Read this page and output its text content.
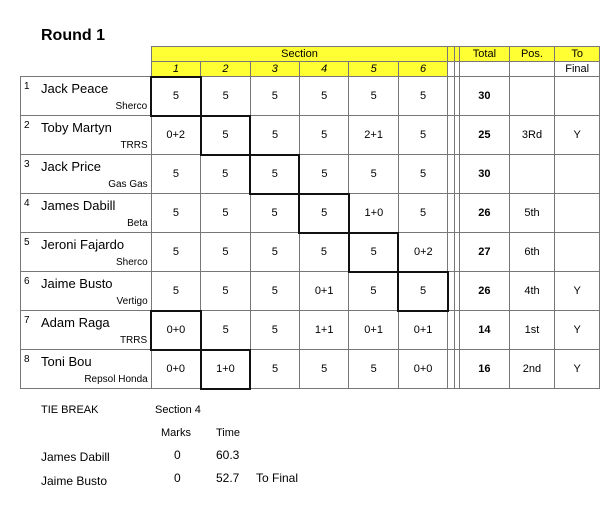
Round 1
	Section								Total	Pos.	To
	1	2	3	4	5	6					Final

1 Jack Peace
Sherco	5	5	5	5	5	5			30		

2 Toby Martyn
TRRS	0+2	5	5	5	2+1	5			25	3Rd	Y

3 Jack Price
Gas Gas	5	5	5	5	5	5			30		

4 James Dabill
Beta	5	5	5	5	1+0	5			26	5th	

5 Jeroni Fajardo
Sherco	5	5	5	5	5	0+2			27	6th	

6 Jaime Busto
Vertigo	5	5	5	0+1	5	5			26	4th	Y

7 Adam Raga
TRRS	0+0	5	5	1+1	0+1	0+1			14	1st	Y

8 Toni Bou
Repsol Honda	0+0	1+0	5	5	5	0+0			16	2nd	Y
TIE BREAK	Section 4
Marks Time
James Dabill	0	60.3
Jaime Busto	0	52.7 To Final
